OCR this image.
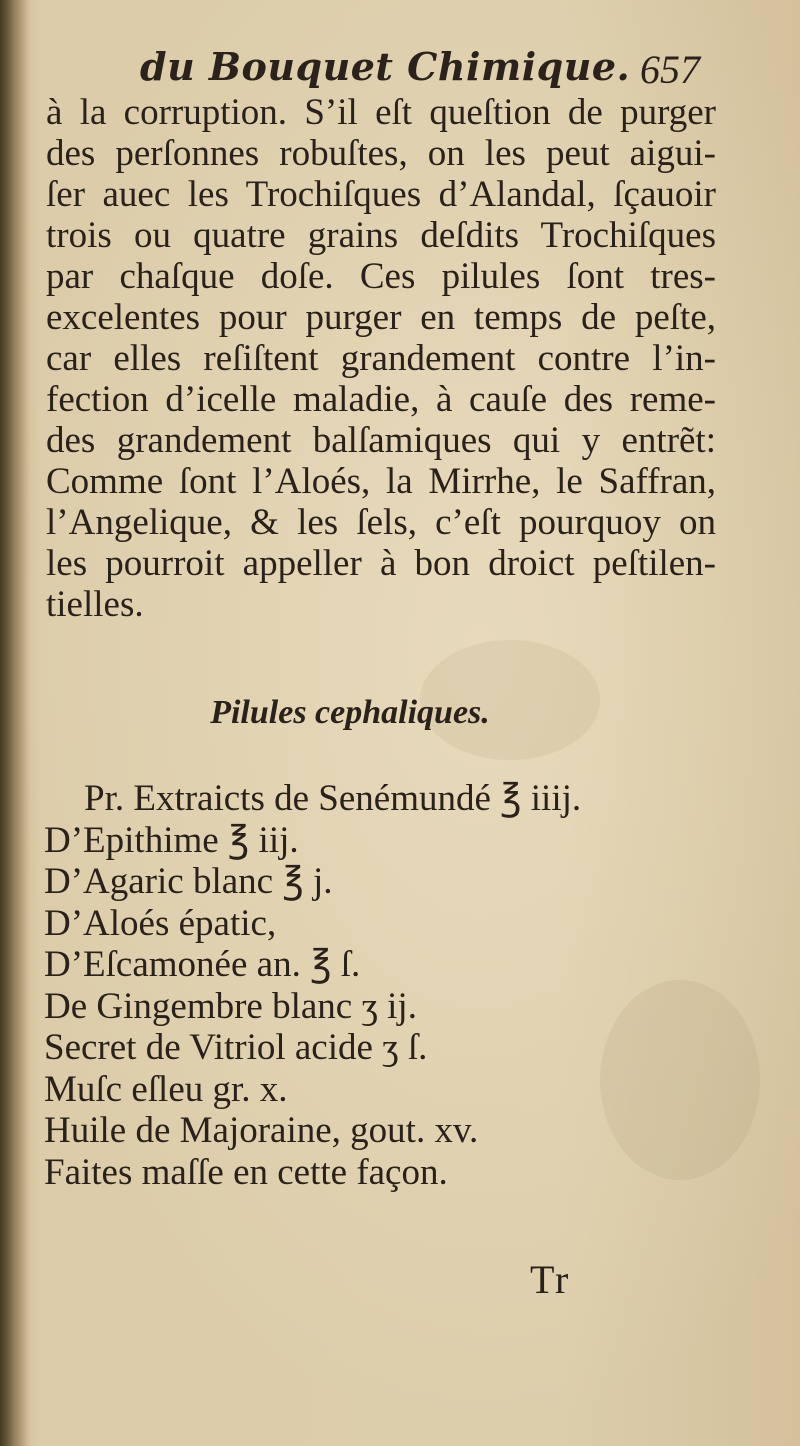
du Bouquet Chimique. 657
à la corruption. S’il eſt queſtion de purger
des perſonnes robuſtes, on les peut aigui-
ſer auec les Trochiſques d’Alandal, ſçauoir
trois ou quatre grains deſdits Trochiſques
par chaſque doſe. Ces pilules ſont tres-
excelentes pour purger en temps de peſte,
car elles reſiſtent grandement contre l’in-
fection d’icelle maladie, à cauſe des reme-
des grandement balſamiques qui y entrẽt:
Comme ſont l’Aloés, la Mirrhe, le Saffran,
l’Angelique, & les ſels, c’eſt pourquoy on
les pourroit appeller à bon droict peſtilen-
tielles.
Pilules cephaliques.
Pr. Extraicts de Senémundé ℥ iiij.
D’Epithime ℥ iij.
D’Agaric blanc ℥ j.
D’Aloés épatic,
D’Eſcamonée an. ℥ ſ.
De Gingembre blanc ʒ ij.
Secret de Vitriol acide ʒ ſ.
Muſc eſleu gr. x.
Huile de Majoraine, gout. xv.
Faites maſſe en cette façon.
Tr
